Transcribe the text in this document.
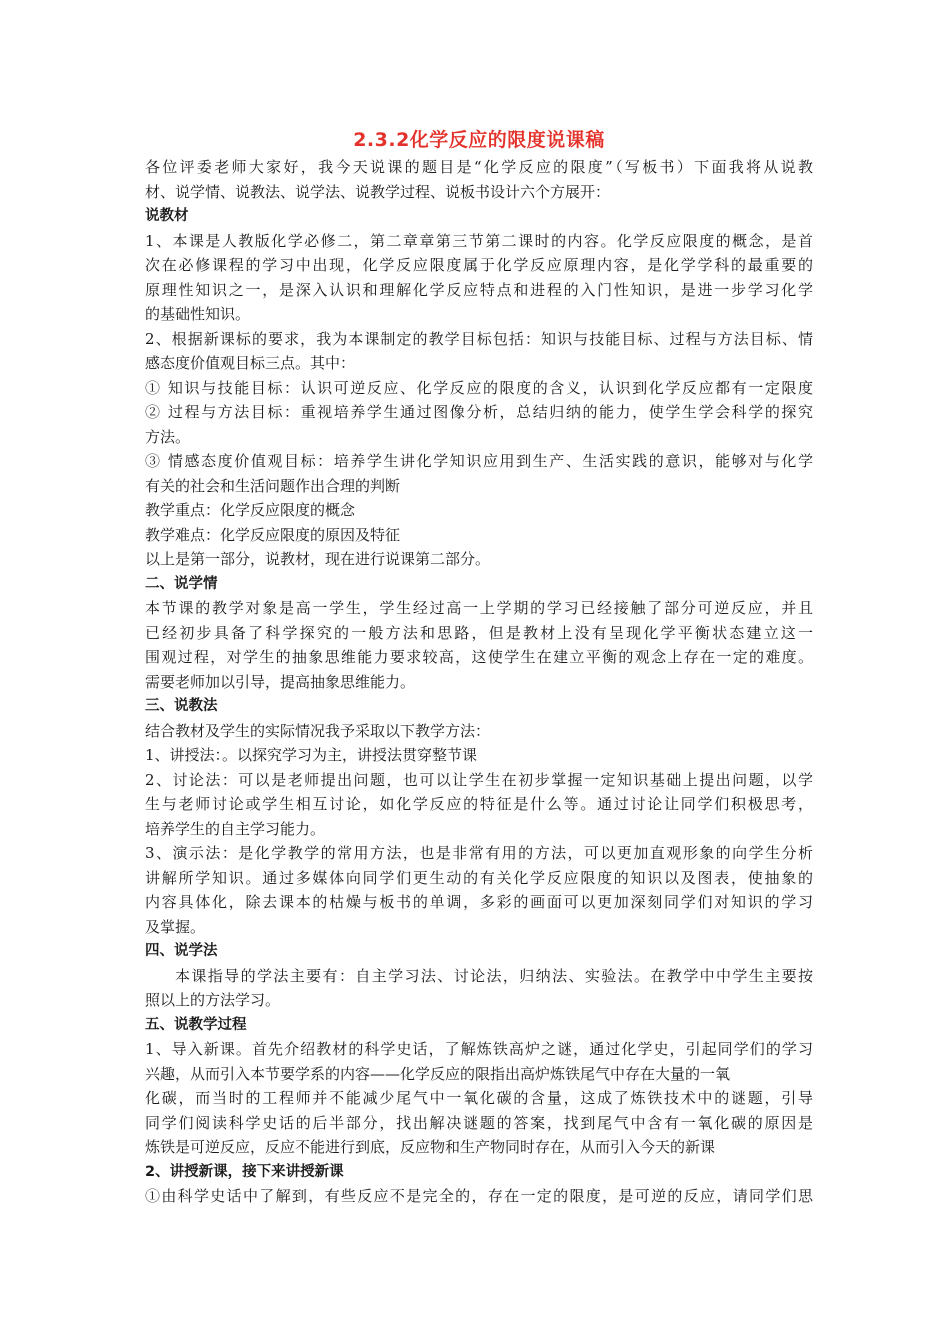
2.3.2化学反应的限度说课稿

各位评委老师大家好，我今天说课的题目是“化学反应的限度”（写板书）下面我将从说教

材、说学情、说教法、说学法、说教学过程、说板书设计六个方展开：

说教材

1、本课是人教版化学必修二，第二章章第三节第二课时的内容。化学反应限度的概念，是首

次在必修课程的学习中出现，化学反应限度属于化学反应原理内容，是化学学科的最重要的

原理性知识之一，是深入认识和理解化学反应特点和进程的入门性知识，是进一步学习化学

的基础性知识。

2、根据新课标的要求，我为本课制定的教学目标包括：知识与技能目标、过程与方法目标、情

感态度价值观目标三点。其中：

① 知识与技能目标：认识可逆反应、化学反应的限度的含义，认识到化学反应都有一定限度

② 过程与方法目标：重视培养学生通过图像分析，总结归纳的能力，使学生学会科学的探究

方法。

③ 情感态度价值观目标：培养学生讲化学知识应用到生产、生活实践的意识，能够对与化学

有关的社会和生活问题作出合理的判断

教学重点：化学反应限度的概念

教学难点：化学反应限度的原因及特征

以上是第一部分，说教材，现在进行说课第二部分。

二、说学情

本节课的教学对象是高一学生，学生经过高一上学期的学习已经接触了部分可逆反应，并且

已经初步具备了科学探究的一般方法和思路，但是教材上没有呈现化学平衡状态建立这一

围观过程，对学生的抽象思维能力要求较高，这使学生在建立平衡的观念上存在一定的难度。

需要老师加以引导，提高抽象思维能力。

三、说教法

结合教材及学生的实际情况我予采取以下教学方法：

1、讲授法：。以探究学习为主，讲授法贯穿整节课

2、讨论法：可以是老师提出问题，也可以让学生在初步掌握一定知识基础上提出问题，以学

生与老师讨论或学生相互讨论，如化学反应的特征是什么等。通过讨论让同学们积极思考，

培养学生的自主学习能力。

3、演示法：是化学教学的常用方法，也是非常有用的方法，可以更加直观形象的向学生分析

讲解所学知识。通过多媒体向同学们更生动的有关化学反应限度的知识以及图表，使抽象的

内容具体化，除去课本的枯燥与板书的单调，多彩的画面可以更加深刻同学们对知识的学习

及掌握。

四、说学法

本课指导的学法主要有：自主学习法、讨论法，归纳法、实验法。在教学中中学生主要按

照以上的方法学习。

五、说教学过程

1、导入新课。首先介绍教材的科学史话，了解炼铁高炉之谜，通过化学史，引起同学们的学习

兴趣，从而引入本节要学系的内容——化学反应的限指出高炉炼铁尾气中存在大量的一氧

化碳，而当时的工程师并不能减少尾气中一氧化碳的含量，这成了炼铁技术中的谜题，引导

同学们阅读科学史话的后半部分，找出解决谜题的答案，找到尾气中含有一氧化碳的原因是

炼铁是可逆反应，反应不能进行到底，反应物和生产物同时存在，从而引入今天的新课

2、讲授新课，接下来讲授新课

①由科学史话中了解到，有些反应不是完全的，存在一定的限度，是可逆的反应，请同学们思
